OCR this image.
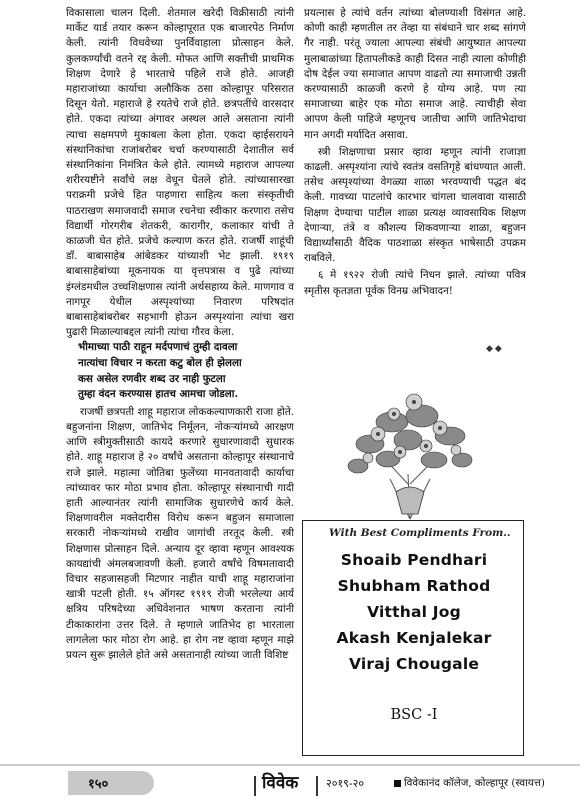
विकासाला चालन दिली. शेतमाल खरेदी विक्रीसाठी त्यांनी मार्केट यार्ड तयार करून कोल्हापूरात एक बाजारपेठ निर्माण केली. त्यांनी विधवेच्या पुनर्विवाहाला प्रोत्साहन केले. कुलकर्ण्यांची वतने रद्द केली. मोफत आणि सक्तीची प्राथमिक शिक्षण देणारे हे भारताचे पहिले राजे होते. आजही महाराजांच्या कार्याचा अलौकिक ठसा कोल्हापूर परिसरात दिसून येतो. महाराजे हे रयतेचे राजे होते. छत्रपतींचे वारसदार होते. एकदा त्यांच्या अंगावर अस्थल आले असताना त्यांनी त्याचा सक्षमपणे मुकाबला केला होता. एकदा व्हाईसरायने संस्थानिकांचा राजांबरोबर चर्चा करण्यासाठी देशातील सर्व संस्थानिकांना निमंत्रित केले होते. त्यामध्ये महाराज आपल्या शरीरयष्टीने सर्वांचे लक्ष वेधून घेतले होते. त्यांच्यासारखा पराक्रमी प्रजेचे हित पाहणारा साहित्य कला संस्कृतीची पाठराखण समाजवादी समाज रचनेचा स्वीकार करणारा तसेच विद्यार्थी गोरगरीब शेतकरी, कारागीर, कलाकार यांची ते काळजी घेत होते. प्रजेचे कल्याण करत होते. राजर्षी शाहूंची डॉ. बाबासाहेब आंबेडकर यांच्याशी भेट झाली. १९१९ बाबासाहेबांच्या मूकनायक या वृत्तपत्रास व पुढे त्यांच्या इंग्लंडमधील उच्चशिक्षणास त्यांनी अर्थसहाय्य केले. माणगाव व नागपूर येथील अस्पृश्यांच्या निवारण परिषदांत बाबासाहेबांबरोबर सहभागी होऊन अस्पृश्यांना त्यांचा खरा पुढारी मिळाल्याबद्दल त्यांनी त्यांचा गौरव केला.

भीमाच्या पाठी राहून मर्दपणाचं तुम्ही दावला

नात्यांचा विचार न करता कटु बोल ही झेलला

कस असेल रणवीर शब्द उर नाही फुटला

तुम्हा वंदन करण्यास हातच आमचा जोडला.

राजर्षी छत्रपती शाहू महाराज लोककल्याणकारी राजा होते. बहुजनांना शिक्षण, जातिभेद निर्मूलन, नोकऱ्यांमध्ये आरक्षण आणि स्त्रीमुक्तीसाठी कायदे करणारे सुधारणावादी सुधारक होते. शाहू महाराज हे २० वर्षांचे असताना कोल्हापूर संस्थानाचे राजे झाले. महात्मा जोतिबा फुलेंच्या मानवतावादी कार्याचा त्यांच्यावर फार मोठा प्रभाव होता. कोल्हापूर संस्थानाची गादी हाती आल्यानंतर त्यांनी सामाजिक सुधारणेचे कार्य केले. शिक्षणावरील मक्तेदारीस विरोध करून बहुजन समाजाला सरकारी नोकऱ्यांमध्ये राखीव जागांची तरतूद केली. स्त्री शिक्षणास प्रोत्साहन दिले. अन्याय दूर व्हावा म्हणून आवश्यक कायद्यांची अंमलबजावणी केली. हजारो वर्षांचे विषमतावादी विचार सहजासहजी मिटणार नाहीत याची शाहू महाराजांना खात्री पटली होती. १५ ऑगस्ट १९१९ रोजी भरलेल्या आर्य क्षत्रिय परिषदेच्या अधिवेशनात भाषण करताना त्यांनी टीकाकारांना उत्तर दिले. ते म्हणाले जातिभेद हा भारताला लागलेला फार मोठा रोग आहे. हा रोग नष्ट व्हावा म्हणून माझे प्रयत्न सुरू झालेले होते असे असतानाही त्यांच्या जाती विशिष्ट

प्रयत्नास हे त्यांचे वर्तन त्यांच्या बोलण्याशी विसंगत आहे. कोणी काही म्हणतील तर तेव्हा या संबंधाने चार शब्द सांगणे गैर नाही. परंतू ज्याला आपल्या संबंधी आयुष्यात आपल्या मुलाबाळांच्या हितापलीकडे काही दिसत नाही त्याला कोणीही दोष देईल ज्या समाजात आपण वाढतो त्या समाजाची उन्नती करण्यासाठी काळजी करणे हे योग्य आहे. पण त्या समाजाच्या बाहेर एक मोठा समाज आहे. त्याचीही सेवा आपण केली पाहिजे म्हणूनच जातीचा आणि जातिभेदाचा मान अगदी मर्यादित असावा.

स्त्री शिक्षणाचा प्रसार व्हावा म्हणून त्यांनी राजाज्ञा काढली. अस्पृश्यांना त्यांचे स्वतंत्र वसतिगृहे बांधण्यात आली. तसेच अस्पृश्यांच्या वेगळ्या शाळा भरवण्याची पद्धत बंद केली. गावच्या पाटलांचे कारभार चांगला चालवावा यासाठी शिक्षण देण्याचा पाटील शाळा प्रत्यक्ष व्यावसायिक शिक्षण देणाऱ्या, तंत्रे व कौशल्य शिकवणाऱ्या शाळा, बहुजन विद्यार्थ्यांसाठी वैदिक पाठशाळा संस्कृत भाषेसाठी उपक्रम राबविले.

६ मे १९२२ रोजी त्यांचे निधन झाले. त्यांच्या पवित्र स्मृतीस कृतज्ञता पूर्वक विनम्र अभिवादन!

◆◆
With Best Compliments From..
Shoaib Pendhari
Shubham Rathod
Vitthal Jog
Akash Kenjalekar
Viraj Chougale
BSC -I
१५०	विवेक	२०१९-२०	विवेकानंद कॉलेज, कोल्हापूर (स्वायत्त)
